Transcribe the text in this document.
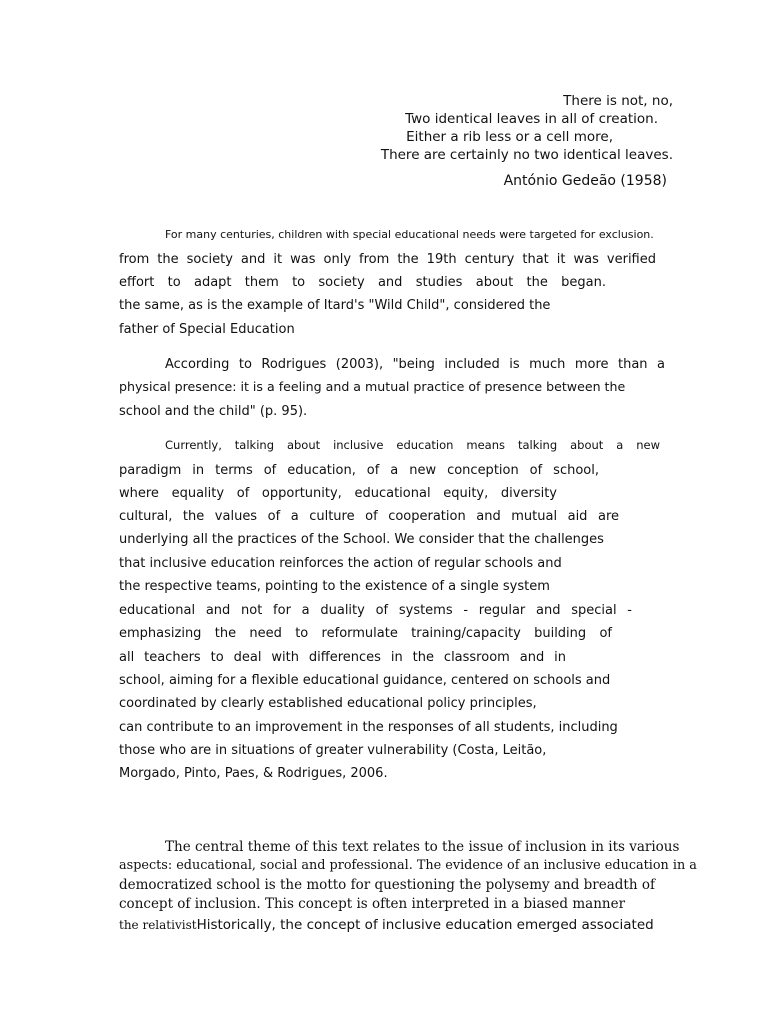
There is not, no,

Two identical leaves in all of creation.

Either a rib less or a cell more,

There are certainly no two identical leaves.

António Gedeão (1958)

For many centuries, children with special educational needs were targeted for exclusion.

from the society and it was only from the 19th century that it was verified

effort to adapt them to society and studies about the began.

the same, as is the example of Itard's "Wild Child", considered the

father of Special Education

According to Rodrigues (2003), "being included is much more than a

physical presence: it is a feeling and a mutual practice of presence between the

school and the child" (p. 95).

Currently, talking about inclusive education means talking about a new

paradigm in terms of education, of a new conception of school,

where equality of opportunity, educational equity, diversity

cultural, the values of a culture of cooperation and mutual aid are

underlying all the practices of the School. We consider that the challenges

that inclusive education reinforces the action of regular schools and

the respective teams, pointing to the existence of a single system

educational and not for a duality of systems - regular and special -

emphasizing the need to reformulate training/capacity building of

all teachers to deal with differences in the classroom and in

school, aiming for a flexible educational guidance, centered on schools and

coordinated by clearly established educational policy principles,

can contribute to an improvement in the responses of all students, including

those who are in situations of greater vulnerability (Costa, Leitão,

Morgado, Pinto, Paes, & Rodrigues, 2006.

The central theme of this text relates to the issue of inclusion in its various

aspects: educational, social and professional. The evidence of an inclusive education in a

democratized school is the motto for questioning the polysemy and breadth of

concept of inclusion. This concept is often interpreted in a biased manner

the relativistHistorically, the concept of inclusive education emerged associated
